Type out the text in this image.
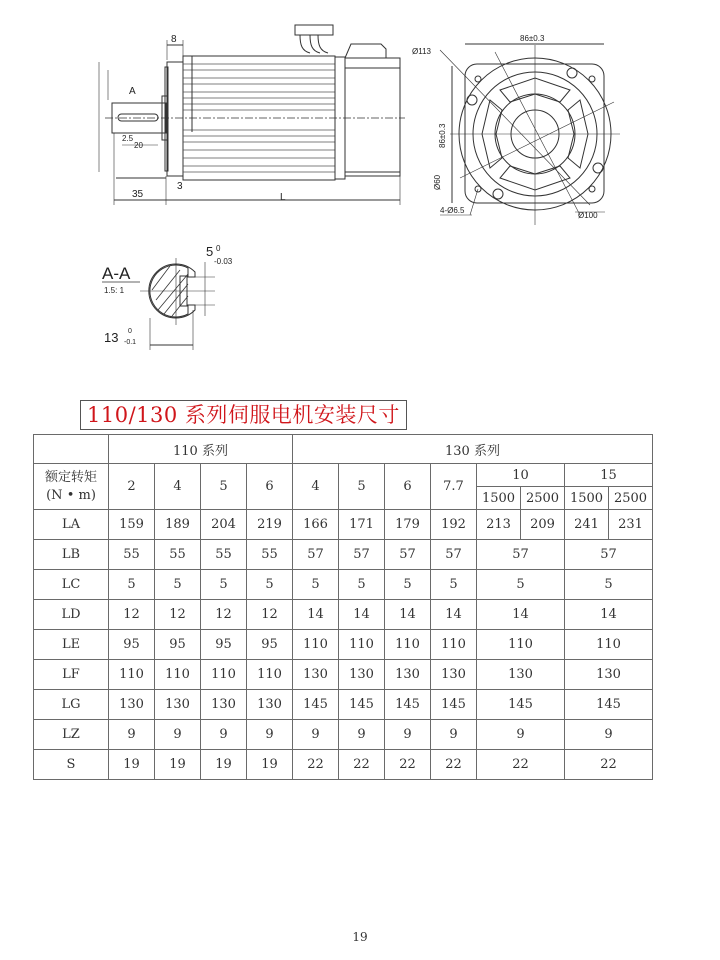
8
35
3
2.5
20
L
A
86±0.3
86±0.3
Ø113
Ø60
4-Ø6.5
Ø100
A-A
1.5: 1
5 0
-0.03
13 0
-0.1
110/130 系列伺服电机安装尺寸
	110 系列				130 系列							
额定转矩
(N • m)	2	4	5	6	4	5	6	7.7	10		15	
									1500	2500	1500	2500
LA	159	189	204	219	166	171	179	192	213	209	241	231
LB	55	55	55	55	57	57	57	57	57		57	
LC	5	5	5	5	5	5	5	5	5		5	
LD	12	12	12	12	14	14	14	14	14		14	
LE	95	95	95	95	110	110	110	110	110		110	
LF	110	110	110	110	130	130	130	130	130		130	
LG	130	130	130	130	145	145	145	145	145		145	
LZ	9	9	9	9	9	9	9	9	9		9	
S	19	19	19	19	22	22	22	22	22		22	
19
